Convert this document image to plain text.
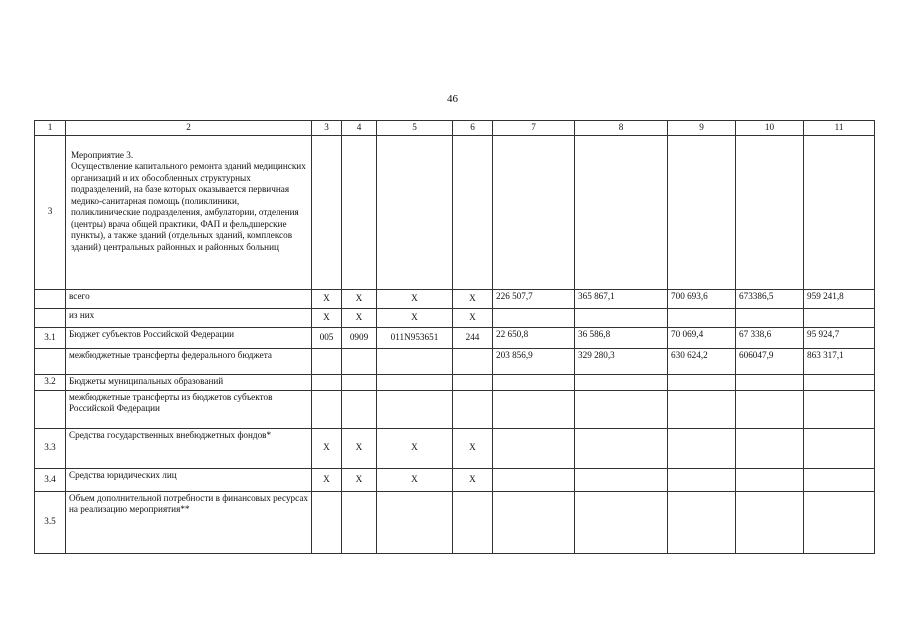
46
1	2	3	4	5	6	7	8	9	10	11
3	Мероприятие 3.
Осуществление капитального ремонта зданий медицинских организаций и их обособленных структурных подразделений, на базе которых оказывается первичная медико-санитарная помощь (поликлиники, поликлинические подразделения, амбулатории, отделения (центры) врача общей практики, ФАП и фельдшерские пункты), а также зданий (отдельных зданий, комплексов зданий) центральных районных и районных больниц									
	всего	Х	Х	Х	Х	226 507,7	365 867,1	700 693,6	673386,5	959 241,8
	из них	Х	Х	Х	Х					
3.1	Бюджет субъектов Российской Федерации	005	0909	011N953651	244	22 650,8	36 586,8	70 069,4	67 338,6	95 924,7
	межбюджетные трансферты федерального бюджета					203 856,9	329 280,3	630 624,2	606047,9	863 317,1
3.2	Бюджеты муниципальных образований									
	межбюджетные трансферты из бюджетов субъектов Российской Федерации									
3.3	Средства государственных внебюджетных фондов*	Х	Х	Х	Х					
3.4	Средства юридических лиц	Х	Х	Х	Х					
3.5	Объем дополнительной потребности в финансовых ресурсах на реализацию мероприятия**									
